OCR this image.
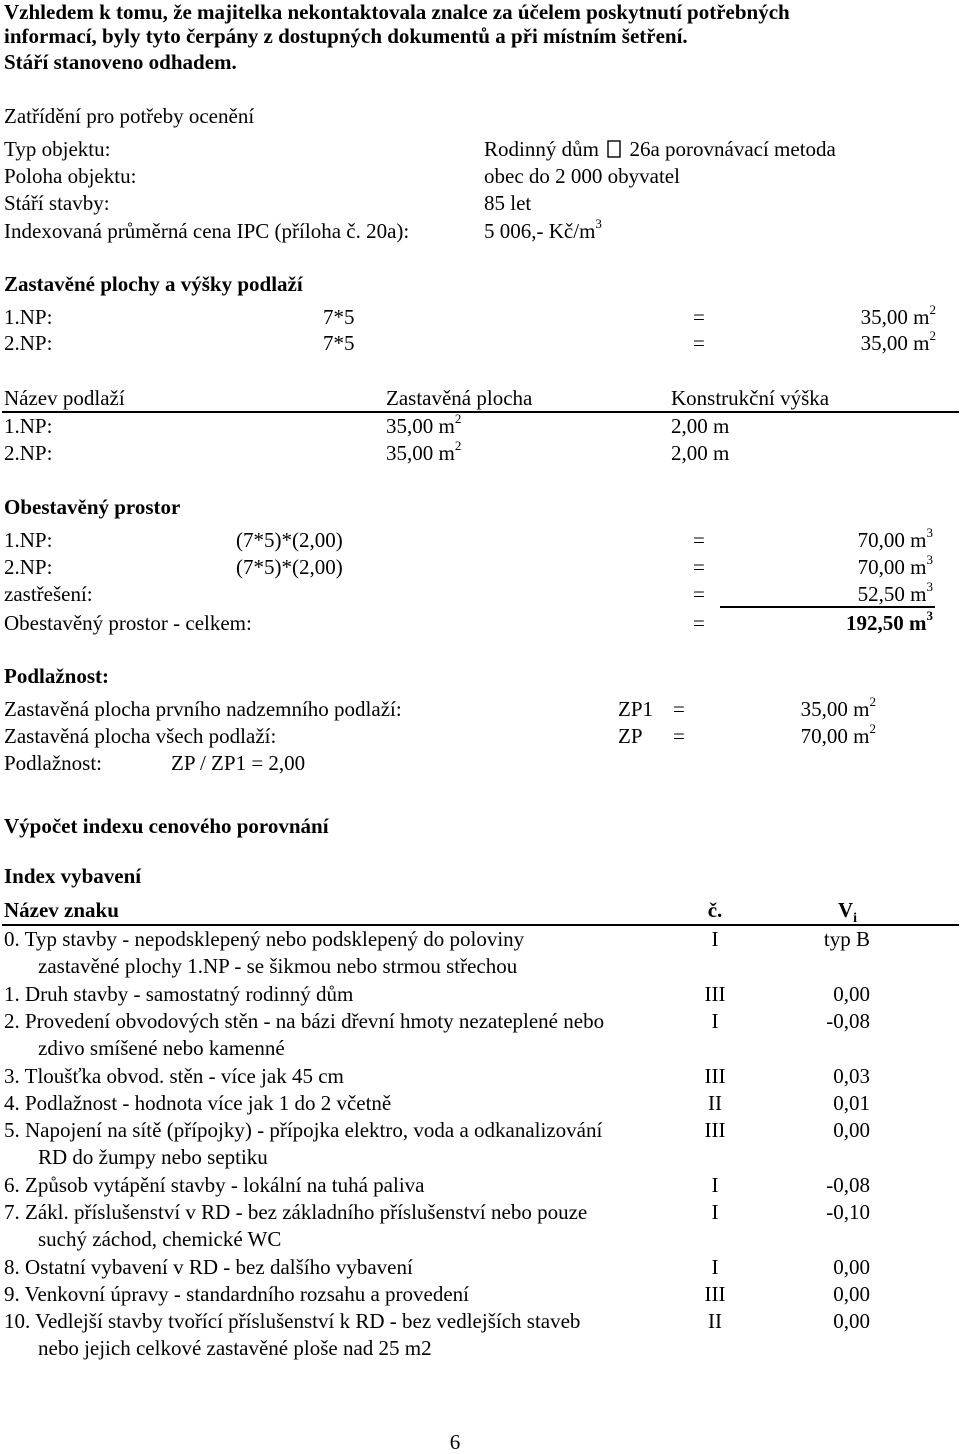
Vzhledem k tomu, že majitelka nekontaktovala znalce za účelem poskytnutí potřebných
informací, byly tyto čerpány z dostupných dokumentů a při místním šetření.
Stáří stanoveno odhadem.
Zatřídění pro potřeby ocenění
Typ objektu:	Rodinný dům 26a porovnávací metoda
Poloha objektu:	obec do 2 000 obyvatel
Stáří stavby:	85 let
Indexovaná průměrná cena IPC (příloha č. 20a):	5 006,- $Kč/m^3$
Zastavěné plochy a výšky podlaží
1.NP:	7*5	=	35,00 $m^2$
2.NP:	7*5	=	35,00 $m^2$
Název podlaží	Zastavěná plocha	Konstrukční výška
1.NP:	35,00 $m^2$	2,00 m
2.NP:	35,00 $m^2$	2,00 m
Obestavěný prostor
1.NP:	(7*5)*(2,00)	=	70,00 $m^3$
2.NP:	(7*5)*(2,00)	=	70,00 $m^3$
zastřešení:	=	52,50 $m^3$
Obestavěný prostor - celkem:	=	192,50 $m^3$
Podlažnost:
Zastavěná plocha prvního nadzemního podlaží:	ZP1 =	35,00 $m^2$
Zastavěná plocha všech podlaží:	ZP =	70,00 $m^2$
Podlažnost:	ZP / ZP1 = 2,00
Výpočet indexu cenového porovnání
Index vybavení
Název znaku	č.	$V_i$
0. Typ stavby - nepodsklepený nebo podsklepený do poloviny
zastavěné plochy 1.NP - se šikmou nebo strmou střechou
I	typ B
1. Druh stavby - samostatný rodinný dům	III	0,00
2. Provedení obvodových stěn - na bázi dřevní hmoty nezateplené nebo
zdivo smíšené nebo kamenné
I	-0,08
3. Tloušťka obvod. stěn - více jak 45 cm	III	0,03
4. Podlažnost - hodnota více jak 1 do 2 včetně	II	0,01
5. Napojení na sítě (přípojky) - přípojka elektro, voda a odkanalizování
RD do žumpy nebo septiku
III	0,00
6. Způsob vytápění stavby - lokální na tuhá paliva	I	-0,08
7. Zákl. příslušenství v RD - bez základního příslušenství nebo pouze
suchý záchod, chemické WC
I	-0,10
8. Ostatní vybavení v RD - bez dalšího vybavení	I	0,00
9. Venkovní úpravy - standardního rozsahu a provedení	III	0,00
10. Vedlejší stavby tvořící příslušenství k RD - bez vedlejších staveb
nebo jejich celkové zastavěné ploše nad 25 m2
II	0,00
6
